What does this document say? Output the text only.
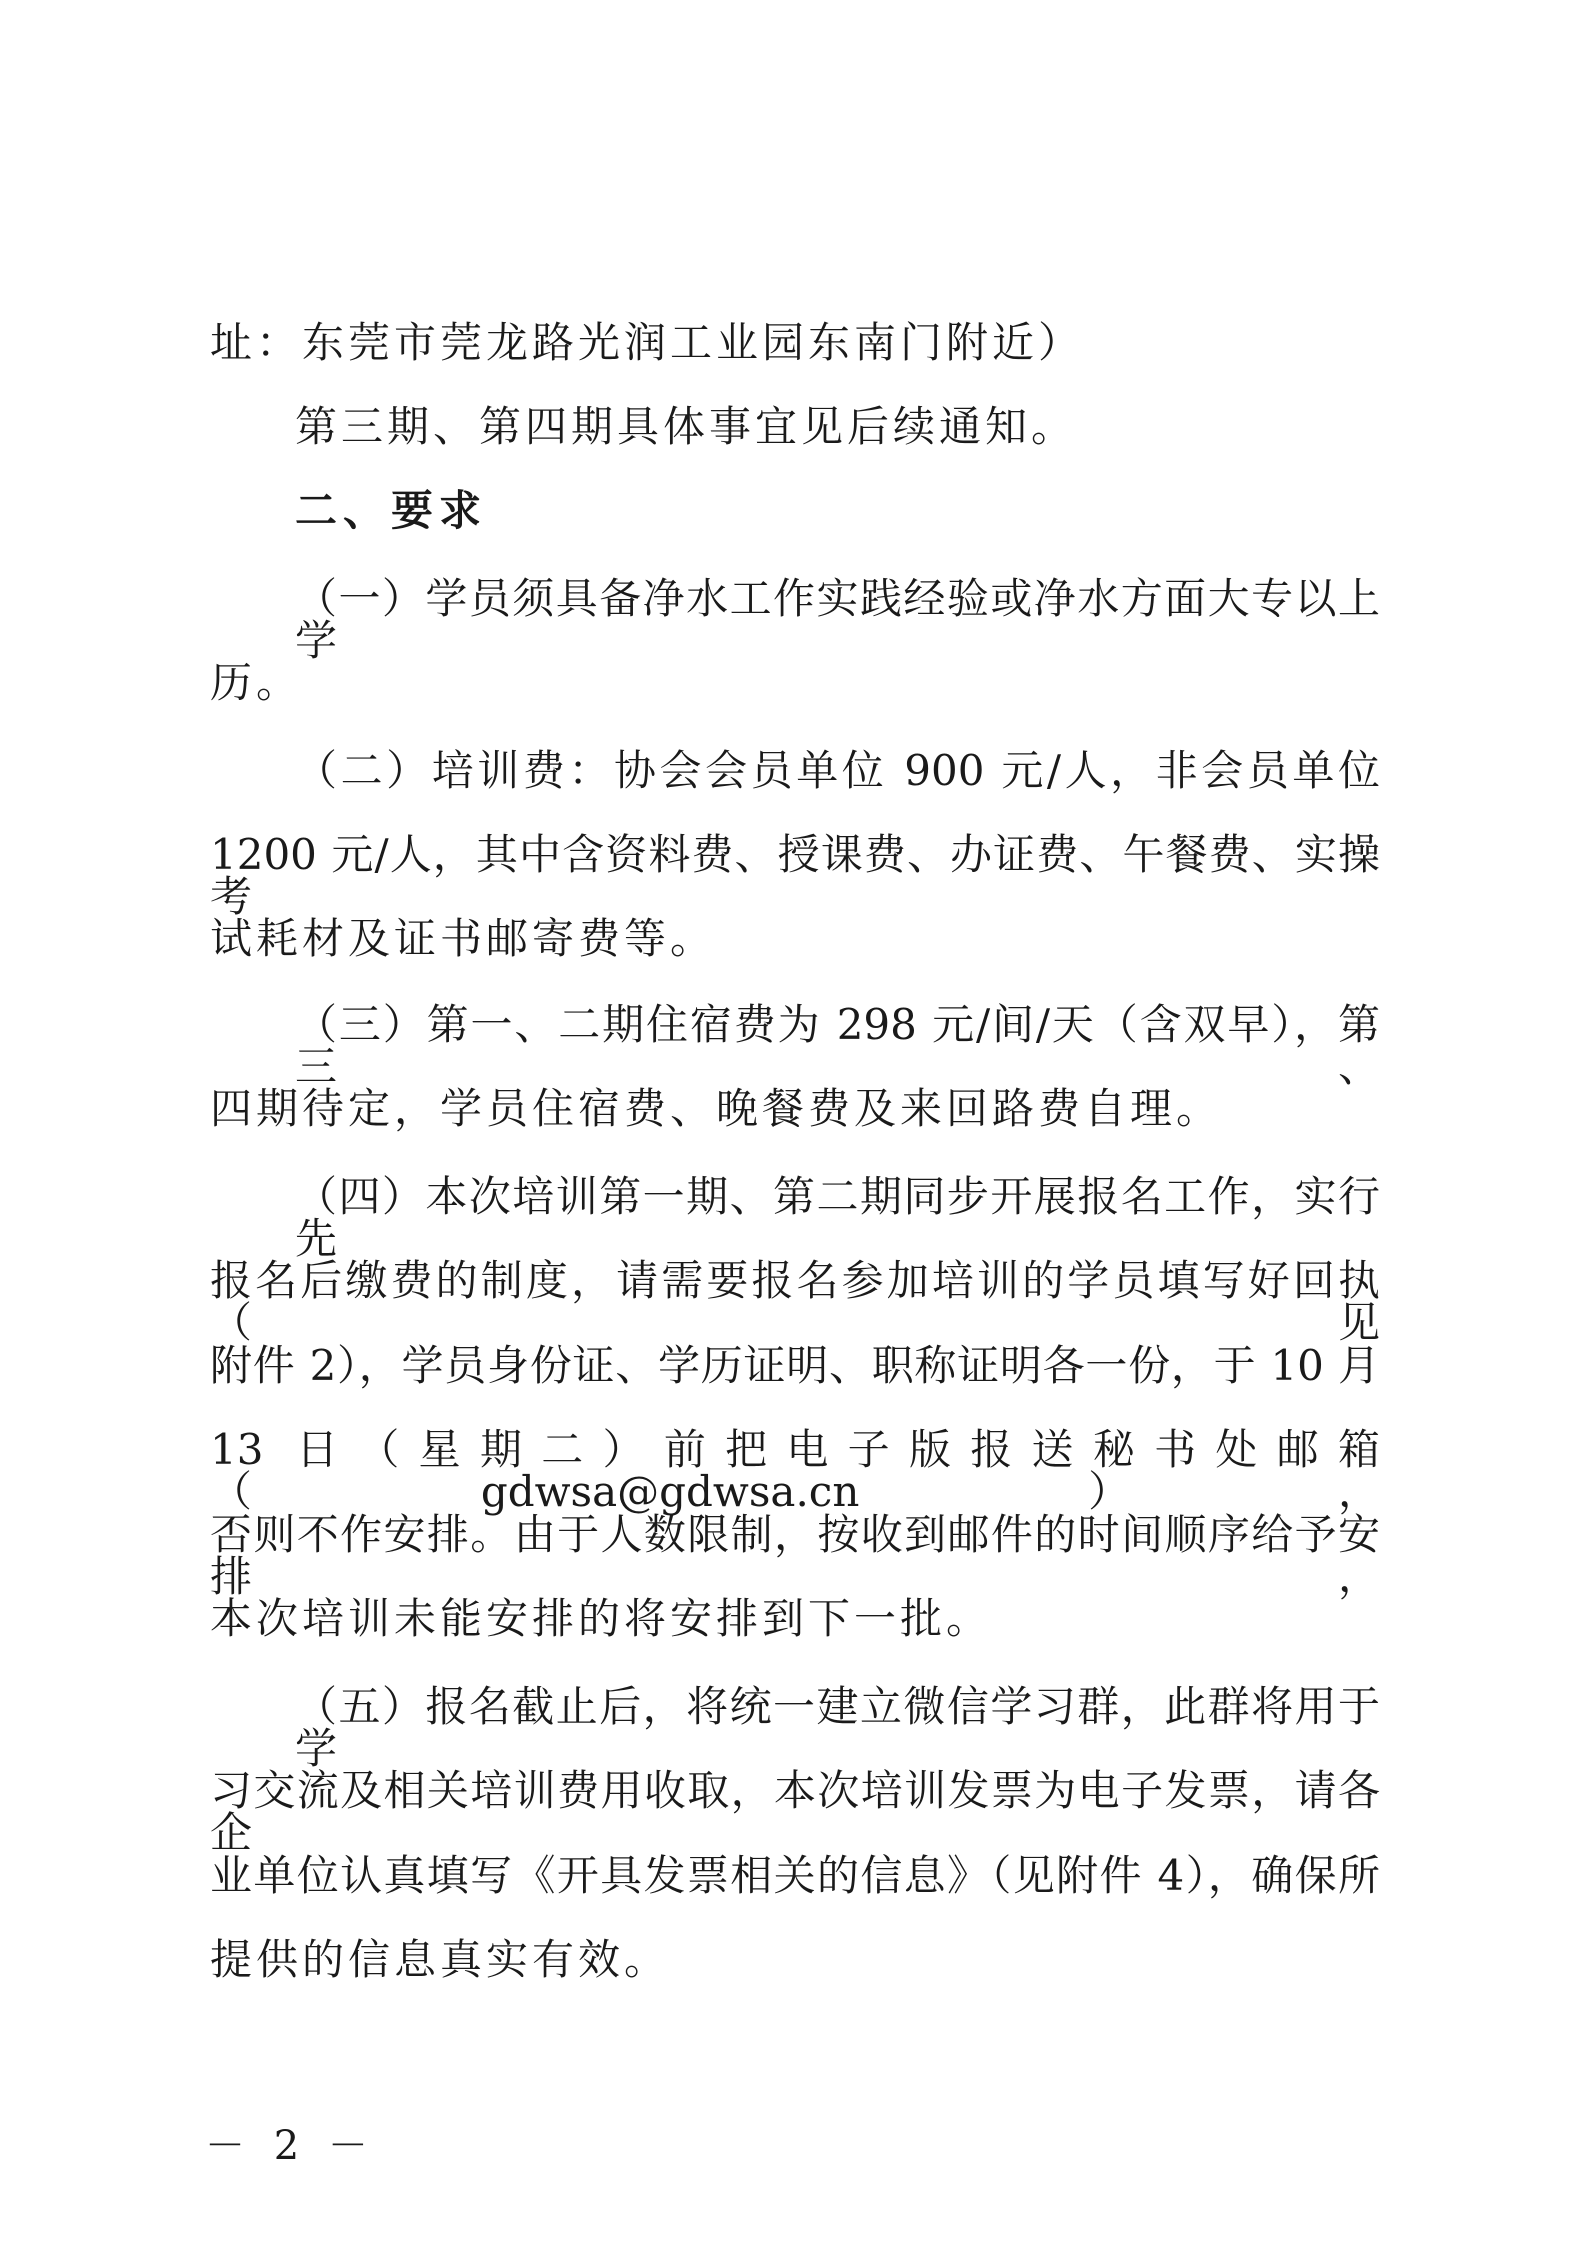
址：东莞市莞龙路光润工业园东南门附近）
第三期、第四期具体事宜见后续通知。
二、要求
（一）学员须具备净水工作实践经验或净水方面大专以上学
历。
（二）培训费：协会会员单位 900 元/人，非会员单位
1200 元/人，其中含资料费、授课费、办证费、午餐费、实操考
试耗材及证书邮寄费等。
（三）第一、二期住宿费为 298 元/间/天（含双早），第三、
四期待定，学员住宿费、晚餐费及来回路费自理。
（四）本次培训第一期、第二期同步开展报名工作，实行先
报名后缴费的制度，请需要报名参加培训的学员填写好回执（见
附件 2），学员身份证、学历证明、职称证明各一份，于 10 月
13 日（星期二）前把电子版报送秘书处邮箱（gdwsa@gdwsa.cn），
否则不作安排。由于人数限制，按收到邮件的时间顺序给予安排，
本次培训未能安排的将安排到下一批。
（五）报名截止后，将统一建立微信学习群，此群将用于学
习交流及相关培训费用收取，本次培训发票为电子发票，请各企
业单位认真填写《开具发票相关的信息》（见附件 4），确保所
提供的信息真实有效。
－ 2 －
